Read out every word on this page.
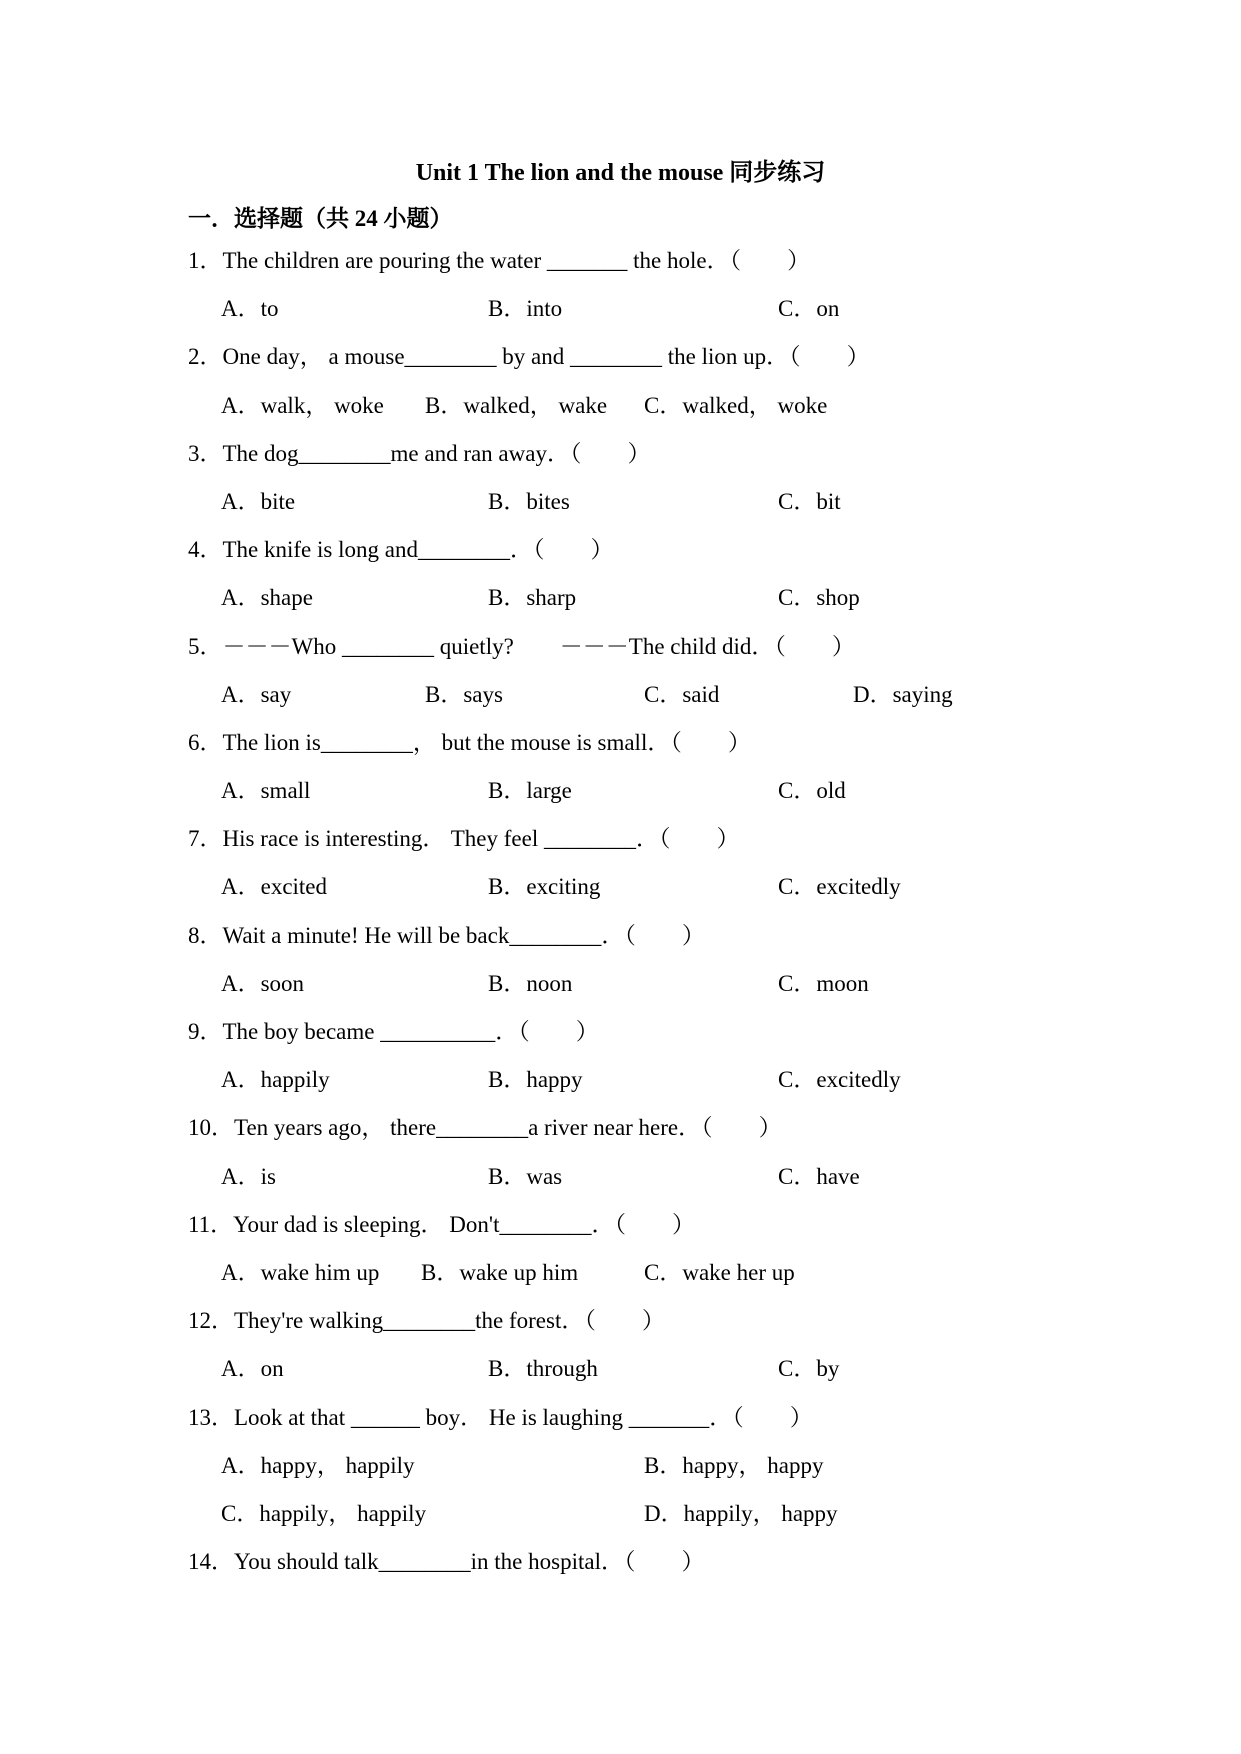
Unit 1 The lion and the mouse 同步练习
一．选择题（共 24 小题）
1．The children are pouring the water _______ the hole．（　　）
A．to	B．into	C．on
2．One day， a mouse________ by and ________ the lion up．（　　）
A．walk， woke B．walked， wake C．walked， woke
3．The dog________me and ran away．（　　）
A．bite	B．bites	C．bit
4．The knife is long and________．（　　）
A．shape	B．sharp	C．shop
5．－－－Who ________ quietly?　　－－－The child did．（　　）
A．say	B．says	C．said	D．saying
6．The lion is________， but the mouse is small．（　　）
A．small	B．large	C．old
7．His race is interesting． They feel ________．（　　）
A．excited	B．exciting	C．excitedly
8．Wait a minute! He will be back________．（　　）
A．soon	B．noon	C．moon
9．The boy became __________．（　　）
A．happily	B．happy	C．excitedly
10．Ten years ago， there________a river near here．（　　）
A．is	B．was	C．have
11．Your dad is sleeping． Don't________．（　　）
A．wake him up B．wake up him	C．wake her up
12．They're walking________the forest．（　　）
A．on	B．through	C．by
13．Look at that ______ boy． He is laughing _______．（　　）
A．happy， happily	B．happy， happy
C．happily， happily	D．happily， happy
14．You should talk________in the hospital．（　　）
